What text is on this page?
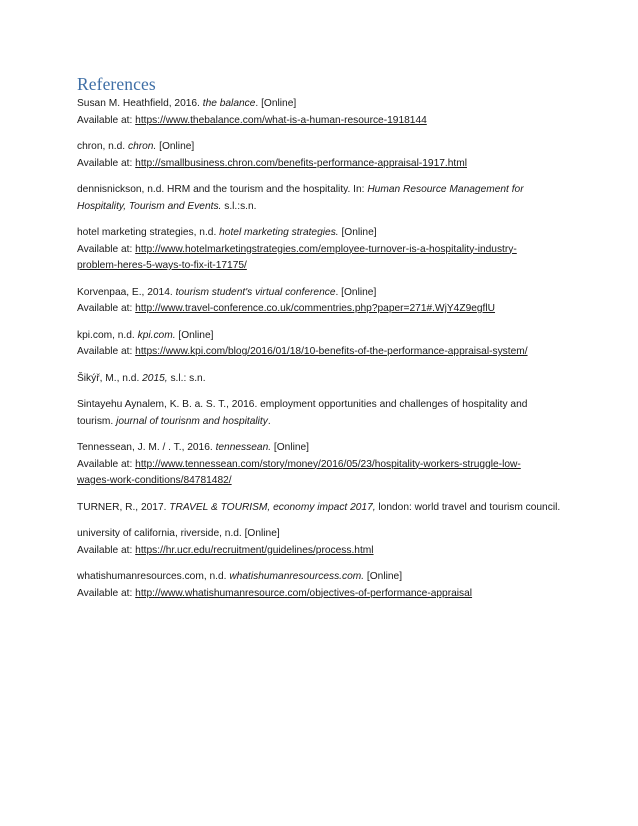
References
Susan M. Heathfield, 2016. the balance. [Online]
Available at: https://www.thebalance.com/what-is-a-human-resource-1918144
chron, n.d. chron. [Online]
Available at: http://smallbusiness.chron.com/benefits-performance-appraisal-1917.html
dennisnickson, n.d. HRM and the tourism and the hospitality. In: Human Resource Management for
Hospitality, Tourism and Events. s.l.:s.n.
hotel marketing strategies, n.d. hotel marketing strategies. [Online]
Available at: http://www.hotelmarketingstrategies.com/employee-turnover-is-a-hospitality-industry-
problem-heres-5-ways-to-fix-it-17175/
Korvenpaa, E., 2014. tourism student's virtual conference. [Online]
Available at: http://www.travel-conference.co.uk/commentries.php?paper=271#.WjY4Z9egflU
kpi.com, n.d. kpi.com. [Online]
Available at: https://www.kpi.com/blog/2016/01/18/10-benefits-of-the-performance-appraisal-system/
Šikýř, M., n.d. 2015, s.l.: s.n.
Sintayehu Aynalem, K. B. a. S. T., 2016. employment opportunities and challenges of hospitality and
tourism. journal of tourisnm and hospitality.
Tennessean, J. M. / . T., 2016. tennessean. [Online]
Available at: http://www.tennessean.com/story/money/2016/05/23/hospitality-workers-struggle-low-
wages-work-conditions/84781482/
TURNER, R., 2017. TRAVEL & TOURISM, economy impact 2017, london: world travel and tourism council.
university of california, riverside, n.d. [Online]
Available at: https://hr.ucr.edu/recruitment/guidelines/process.html
whatishumanresources.com, n.d. whatishumanresourcess.com. [Online]
Available at: http://www.whatishumanresource.com/objectives-of-performance-appraisal
